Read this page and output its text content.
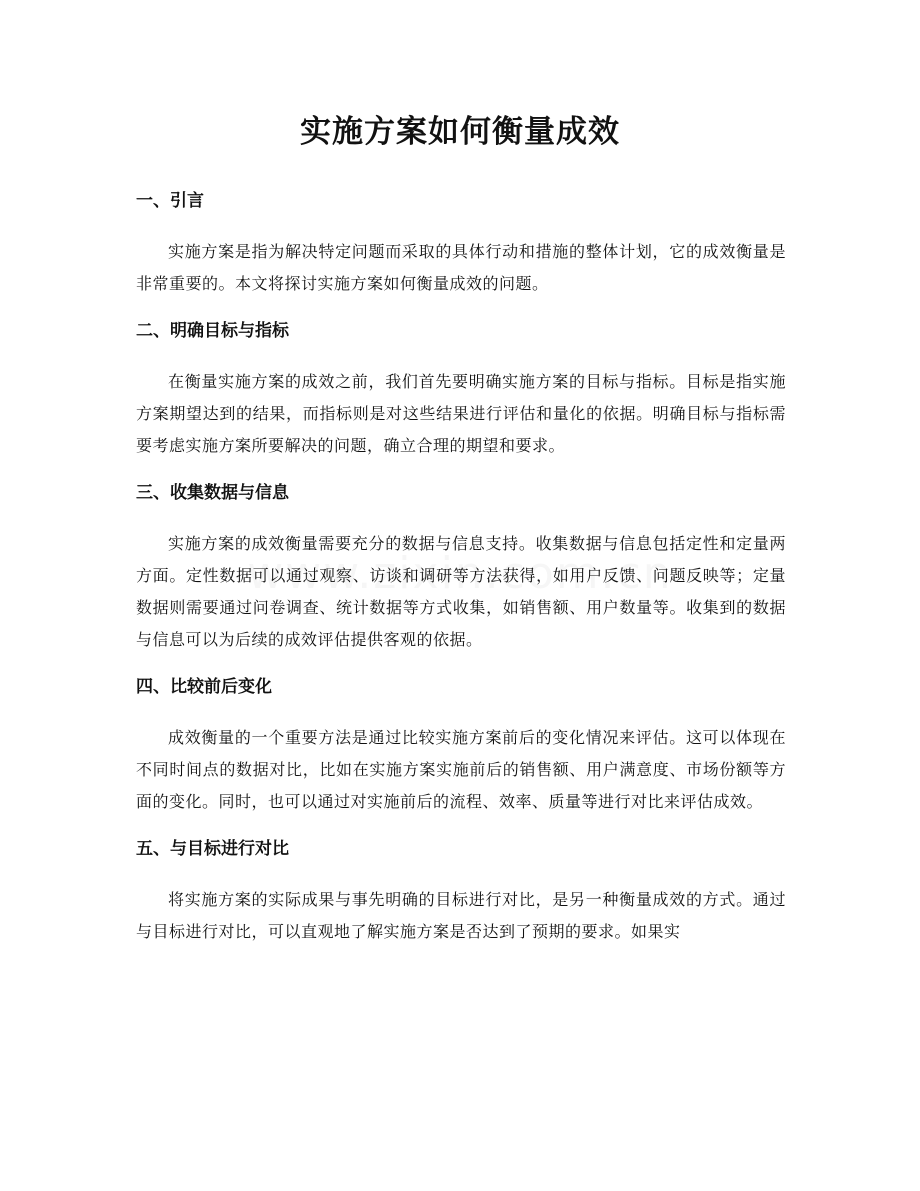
实施方案如何衡量成效
一、引言

实施方案是指为解决特定问题而采取的具体行动和措施的整体计划，它的成效衡量是非常重要的。本文将探讨实施方案如何衡量成效的问题。

二、明确目标与指标

在衡量实施方案的成效之前，我们首先要明确实施方案的目标与指标。目标是指实施方案期望达到的结果，而指标则是对这些结果进行评估和量化的依据。明确目标与指标需要考虑实施方案所要解决的问题，确立合理的期望和要求。

三、收集数据与信息

实施方案的成效衡量需要充分的数据与信息支持。收集数据与信息包括定性和定量两方面。定性数据可以通过观察、访谈和调研等方法获得，如用户反馈、问题反映等；定量数据则需要通过问卷调查、统计数据等方式收集，如销售额、用户数量等。收集到的数据与信息可以为后续的成效评估提供客观的依据。

四、比较前后变化

成效衡量的一个重要方法是通过比较实施方案前后的变化情况来评估。这可以体现在不同时间点的数据对比，比如在实施方案实施前后的销售额、用户满意度、市场份额等方面的变化。同时，也可以通过对实施前后的流程、效率、质量等进行对比来评估成效。

五、与目标进行对比

将实施方案的实际成果与事先明确的目标进行对比，是另一种衡量成效的方式。通过与目标进行对比，可以直观地了解实施方案是否达到了预期的要求。如果实
